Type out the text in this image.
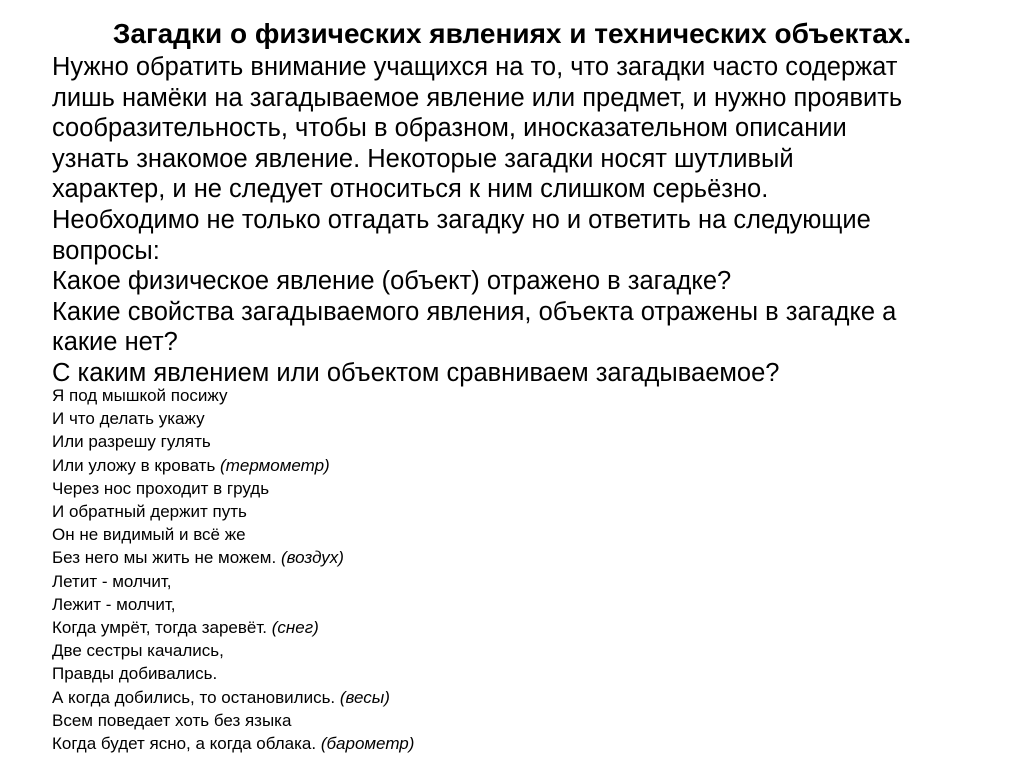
Загадки о физических явлениях и технических объектах.
Нужно обратить внимание учащихся на то, что загадки часто содержат
лишь намёки на загадываемое явление или предмет, и нужно проявить
сообразительность, чтобы в образном, иносказательном описании
узнать знакомое явление. Некоторые загадки носят шутливый
характер, и не следует относиться к ним слишком серьёзно.
Необходимо не только отгадать загадку но и ответить на следующие
вопросы:
Какое физическое явление (объект) отражено в загадке?
Какие свойства загадываемого явления, объекта отражены в загадке а
какие нет?
С каким явлением или объектом сравниваем загадываемое?
Я под мышкой посижу
И что делать укажу
Или разрешу гулять
Или уложу в кровать (термометр)
Через нос проходит в грудь
И обратный держит путь
Он не видимый и всё же
Без него мы жить не можем. (воздух)
Летит - молчит,
Лежит - молчит,
Когда умрёт, тогда заревёт. (снег)
Две сестры качались,
Правды добивались.
А когда добились, то остановились. (весы)
Всем поведает хоть без языка
Когда будет ясно, а когда облака. (барометр)
